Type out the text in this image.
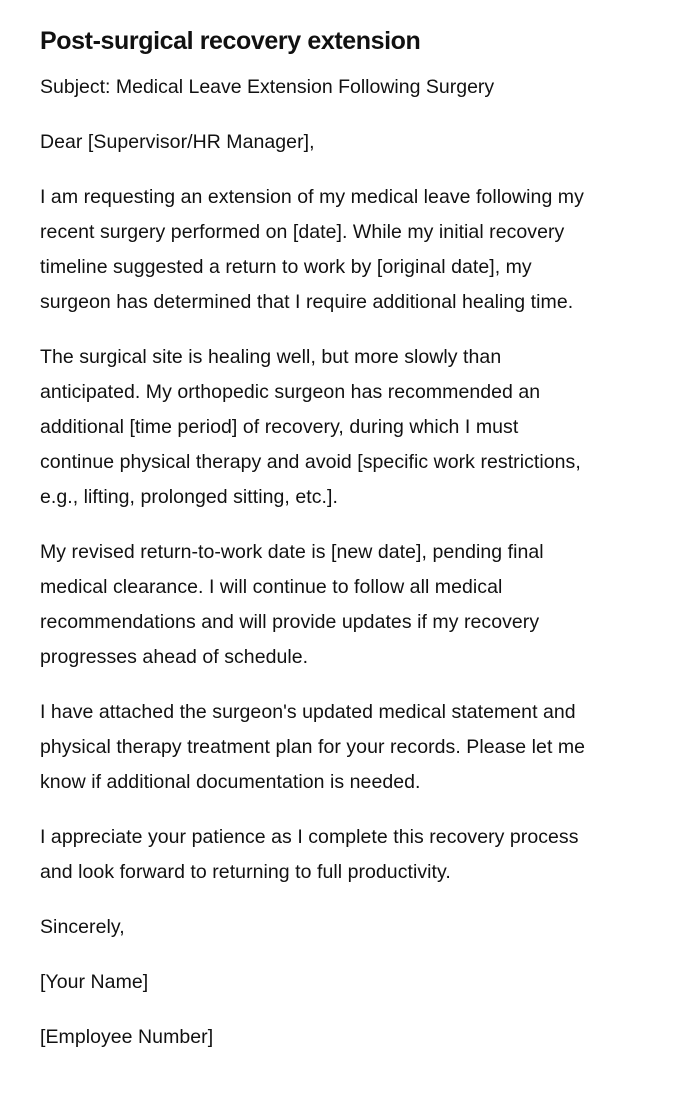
Post-surgical recovery extension

Subject: Medical Leave Extension Following Surgery

Dear [Supervisor/HR Manager],

I am requesting an extension of my medical leave following my
recent surgery performed on [date]. While my initial recovery
timeline suggested a return to work by [original date], my
surgeon has determined that I require additional healing time.

The surgical site is healing well, but more slowly than
anticipated. My orthopedic surgeon has recommended an
additional [time period] of recovery, during which I must
continue physical therapy and avoid [specific work restrictions,
e.g., lifting, prolonged sitting, etc.].

My revised return-to-work date is [new date], pending final
medical clearance. I will continue to follow all medical
recommendations and will provide updates if my recovery
progresses ahead of schedule.

I have attached the surgeon's updated medical statement and
physical therapy treatment plan for your records. Please let me
know if additional documentation is needed.

I appreciate your patience as I complete this recovery process
and look forward to returning to full productivity.

Sincerely,

[Your Name]

[Employee Number]
